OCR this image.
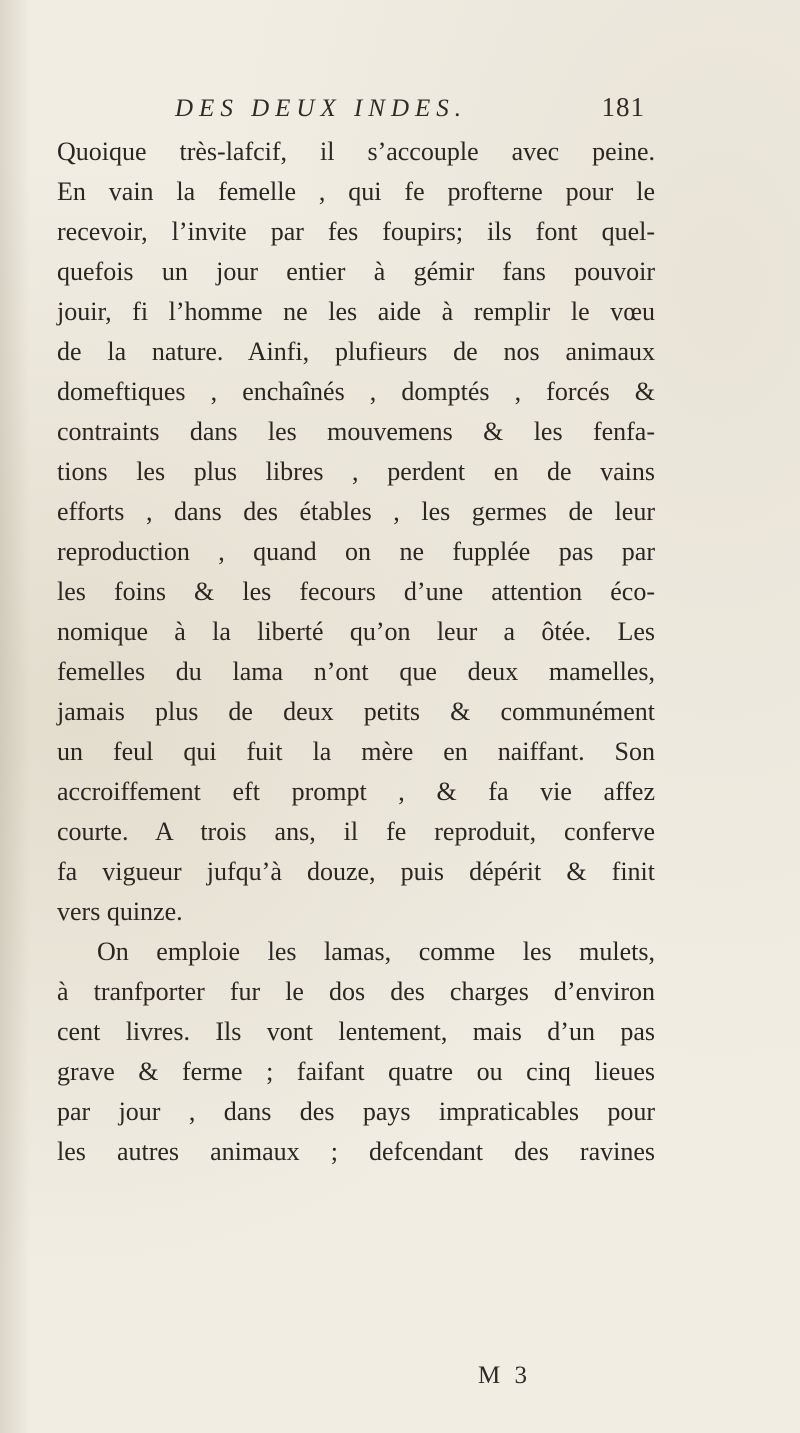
DES DEUX INDES.	181
Quoique très-lafcif, il s’accouple avec peine.
En vain la femelle , qui fe profterne pour le
recevoir, l’invite par fes foupirs; ils font quel-
quefois un jour entier à gémir fans pouvoir
jouir, fi l’homme ne les aide à remplir le vœu
de la nature. Ainfi, plufieurs de nos animaux
domeftiques , enchaînés , domptés , forcés &
contraints dans les mouvemens & les fenfa-
tions les plus libres , perdent en de vains
efforts , dans des étables , les germes de leur
reproduction , quand on ne fupplée pas par
les foins & les fecours d’une attention éco-
nomique à la liberté qu’on leur a ôtée. Les
femelles du lama n’ont que deux mamelles,
jamais plus de deux petits & communément
un feul qui fuit la mère en naiffant. Son
accroiffement eft prompt , & fa vie affez
courte. A trois ans, il fe reproduit, conferve
fa vigueur jufqu’à douze, puis dépérit & finit
vers quinze.
On emploie les lamas, comme les mulets,
à tranfporter fur le dos des charges d’environ
cent livres. Ils vont lentement, mais d’un pas
grave & ferme ; faifant quatre ou cinq lieues
par jour , dans des pays impraticables pour
les autres animaux ; defcendant des ravines
M 3
